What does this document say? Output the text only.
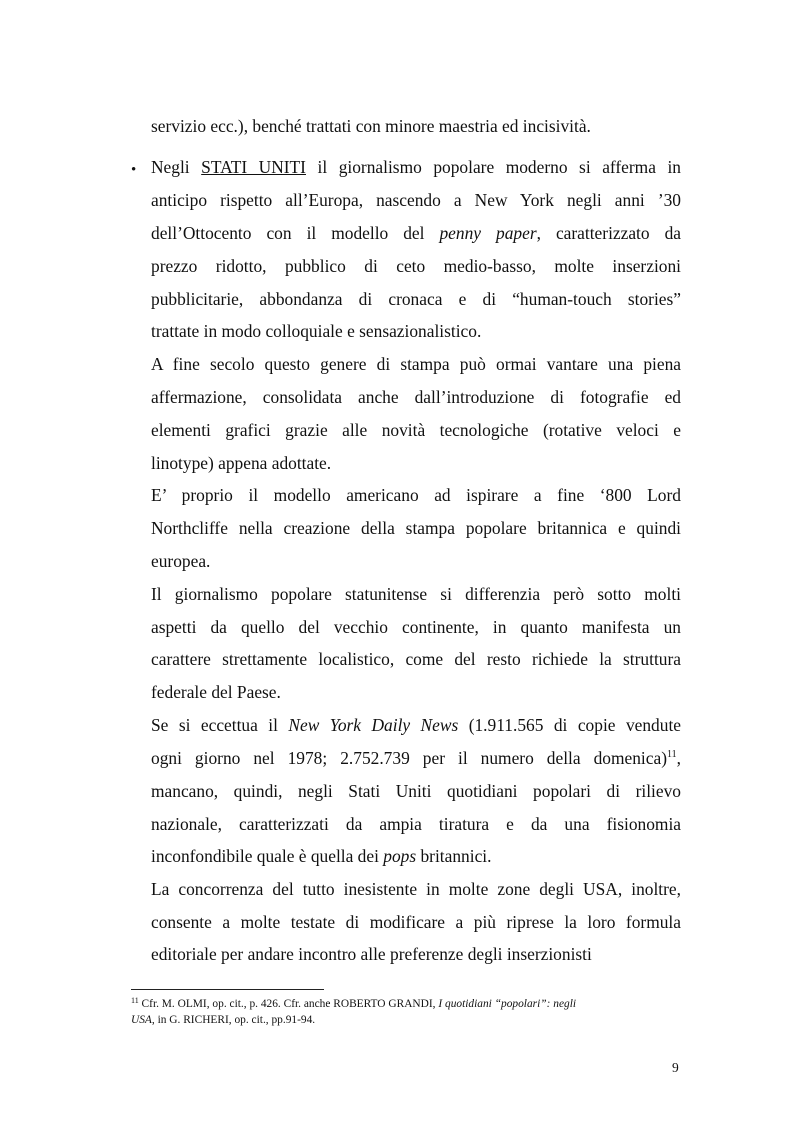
•
servizio ecc.), benché trattati con minore maestria ed incisività.
Negli STATI UNITI il giornalismo popolare moderno si afferma in
anticipo rispetto all’Europa, nascendo a New York negli anni ’30
dell’Ottocento con il modello del penny paper, caratterizzato da
prezzo ridotto, pubblico di ceto medio-basso, molte inserzioni
pubblicitarie, abbondanza di cronaca e di “human-touch stories”
trattate in modo colloquiale e sensazionalistico.
A fine secolo questo genere di stampa può ormai vantare una piena
affermazione, consolidata anche dall’introduzione di fotografie ed
elementi grafici grazie alle novità tecnologiche (rotative veloci e
linotype) appena adottate.
E’ proprio il modello americano ad ispirare a fine ‘800 Lord
Northcliffe nella creazione della stampa popolare britannica e quindi
europea.
Il giornalismo popolare statunitense si differenzia però sotto molti
aspetti da quello del vecchio continente, in quanto manifesta un
carattere strettamente localistico, come del resto richiede la struttura
federale del Paese.
Se si eccettua il New York Daily News (1.911.565 di copie vendute
ogni giorno nel 1978; 2.752.739 per il numero della domenica)$^{11}$,
mancano, quindi, negli Stati Uniti quotidiani popolari di rilievo
nazionale, caratterizzati da ampia tiratura e da una fisionomia
inconfondibile quale è quella dei pops britannici.
La concorrenza del tutto inesistente in molte zone degli USA, inoltre,
consente a molte testate di modificare a più riprese la loro formula
editoriale per andare incontro alle preferenze degli inserzionisti
$^{11}$ Cfr. M. OLMI, op. cit., p. 426. Cfr. anche ROBERTO GRANDI, I quotidiani “popolari”: negli
USA, in G. RICHERI, op. cit., pp.91-94.
9
